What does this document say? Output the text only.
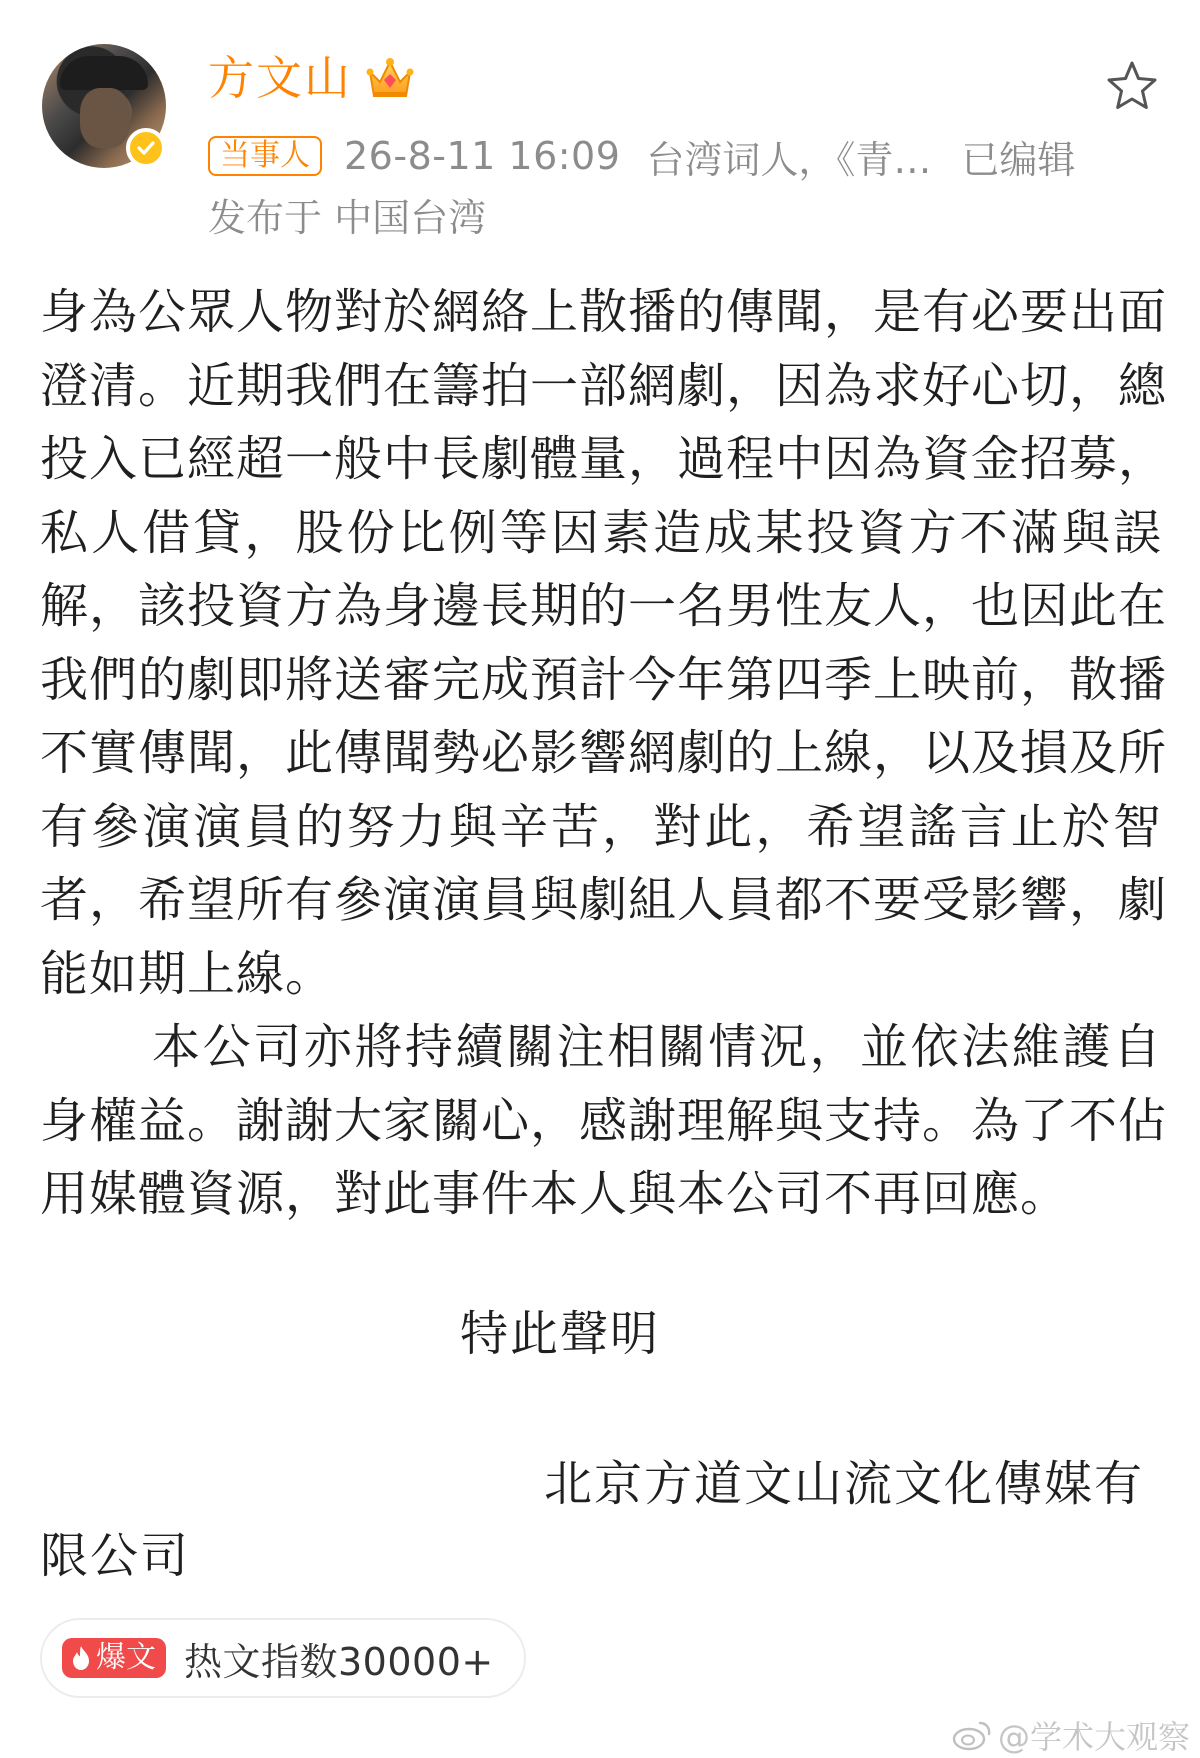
方文山
当事人 26-8-11 16:09 台湾词人，《青… 已编辑
发布于 中国台湾
身為公眾人物對於網絡上散播的傳聞，是有必要出面
澄清。近期我們在籌拍一部網劇，因為求好心切，總
投入已經超一般中長劇體量，過程中因為資金招募，
私人借貸，股份比例等因素造成某投資方不滿與誤
解，該投資方為身邊長期的一名男性友人，也因此在
我們的劇即將送審完成預計今年第四季上映前，散播
不實傳聞，此傳聞勢必影響網劇的上線，以及損及所
有參演演員的努力與辛苦，對此，希望謠言止於智
者，希望所有參演演員與劇組人員都不要受影響，劇
能如期上線。
本公司亦將持續關注相關情況，並依法維護自
身權益。謝謝大家關心，感謝理解與支持。為了不佔
用媒體資源，對此事件本人與本公司不再回應。
特此聲明
北京方道文山流文化傳媒有
限公司
爆文 热文指数30000+
@学术大观察
